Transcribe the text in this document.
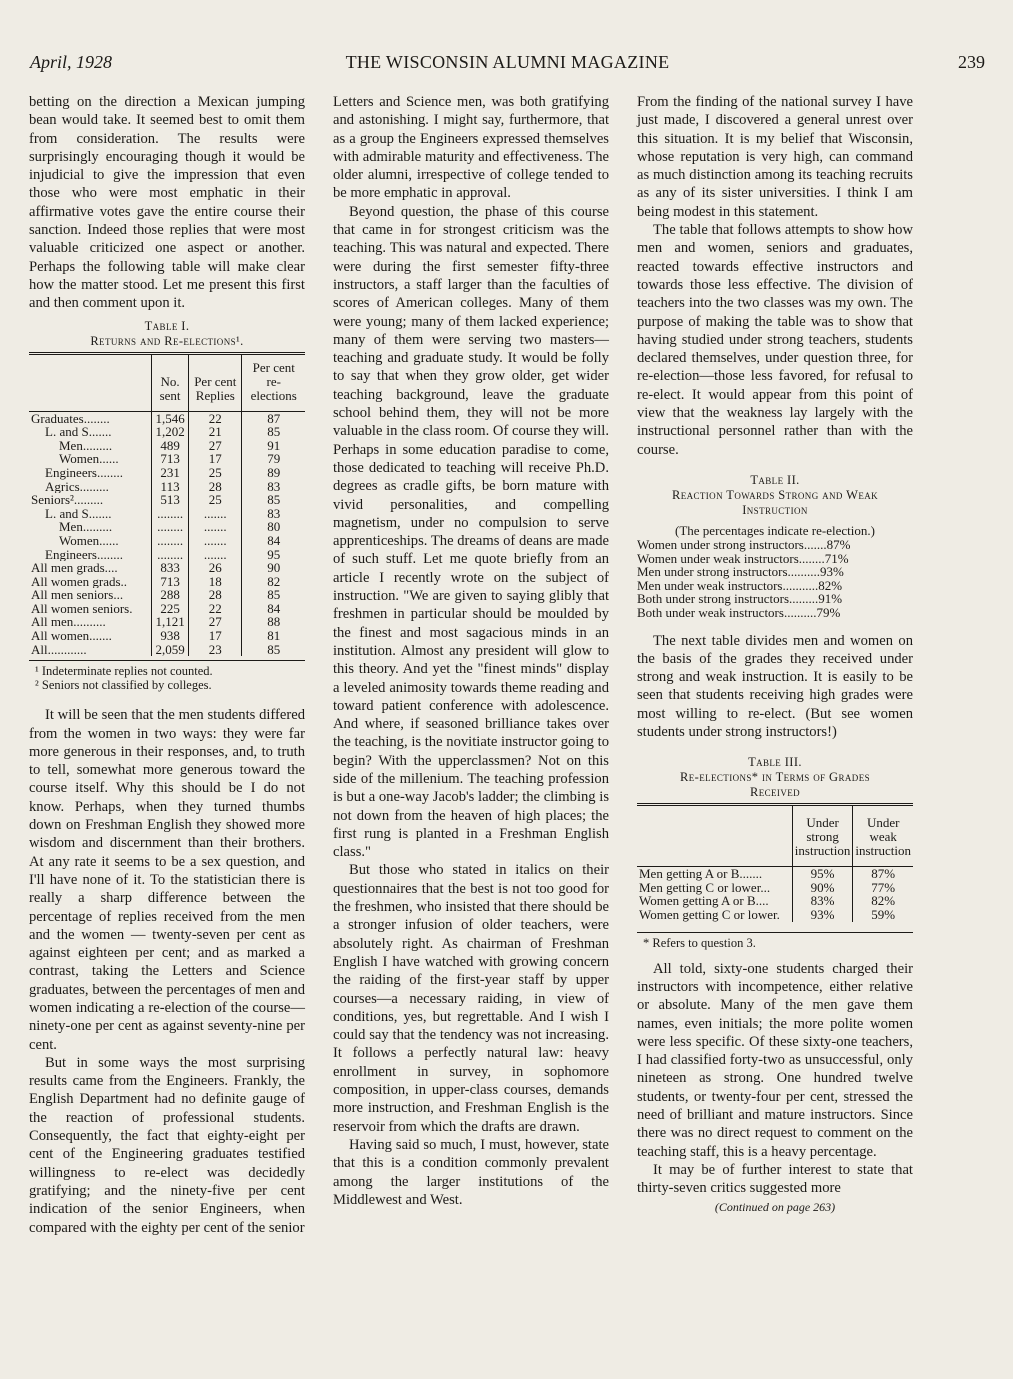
April, 1928	THE WISCONSIN ALUMNI MAGAZINE	239

betting on the direction a Mexican jumping bean would take. It seemed best to omit them from consideration. The results were surprisingly encouraging though it would be injudicial to give the impression that even those who were most emphatic in their affirmative votes gave the entire course their sanction. Indeed those replies that were most valuable criticized one aspect or another. Perhaps the following table will make clear how the matter stood. Let me present this first and then comment upon it.

Table I.
Returns and Re-elections¹.
	No. sent	Per cent Replies	Per cent re-elections
Graduates........	1,546	22	87
L. and S.......	1,202	21	85
Men.........	489	27	91
Women......	713	17	79
Engineers........	231	25	89
Agrics.........	113	28	83
Seniors².........	513	25	85
L. and S.......	........	.......	83
Men.........	........	.......	80
Women......	........	.......	84
Engineers........	........	.......	95
All men grads....	833	26	90
All women grads..	713	18	82
All men seniors...	288	28	85
All women seniors.	225	22	84
All men..........	1,121	27	88
All women.......	938	17	81
All............	2,059	23	85
¹ Indeterminate replies not counted.
² Seniors not classified by colleges.

It will be seen that the men students differed from the women in two ways: they were far more generous in their responses, and, to truth to tell, somewhat more generous toward the course itself. Why this should be I do not know. Perhaps, when they turned thumbs down on Freshman English they showed more wisdom and discernment than their brothers. At any rate it seems to be a sex question, and I'll have none of it. To the statistician there is really a sharp difference between the percentage of replies received from the men and the women — twenty-seven per cent as against eighteen per cent; and as marked a contrast, taking the Letters and Science graduates, between the percentages of men and women indicating a re-election of the course—ninety-one per cent as against seventy-nine per cent.

But in some ways the most surprising results came from the Engineers. Frankly, the English Department had no definite gauge of the reaction of professional students. Consequently, the fact that eighty-eight per cent of the Engineering graduates testified willingness to re-elect was decidedly gratifying; and the ninety-five per cent indication of the senior Engineers, when compared with the eighty per cent of the senior

Letters and Science men, was both gratifying and astonishing. I might say, furthermore, that as a group the Engineers expressed themselves with admirable maturity and effectiveness. The older alumni, irrespective of college tended to be more emphatic in approval.

Beyond question, the phase of this course that came in for strongest criticism was the teaching. This was natural and expected. There were during the first semester fifty-three instructors, a staff larger than the faculties of scores of American colleges. Many of them were young; many of them lacked experience; many of them were serving two masters—teaching and graduate study. It would be folly to say that when they grow older, get wider teaching background, leave the graduate school behind them, they will not be more valuable in the class room. Of course they will. Perhaps in some education paradise to come, those dedicated to teaching will receive Ph.D. degrees as cradle gifts, be born mature with vivid personalities, and compelling magnetism, under no compulsion to serve apprenticeships. The dreams of deans are made of such stuff. Let me quote briefly from an article I recently wrote on the subject of instruction. "We are given to saying glibly that freshmen in particular should be moulded by the finest and most sagacious minds in an institution. Almost any president will glow to this theory. And yet the "finest minds" display a leveled animosity towards theme reading and toward patient conference with adolescence. And where, if seasoned brilliance takes over the teaching, is the novitiate instructor going to begin? With the upperclassmen? Not on this side of the millenium. The teaching profession is but a one-way Jacob's ladder; the climbing is not down from the heaven of high places; the first rung is planted in a Freshman English class."

But those who stated in italics on their questionnaires that the best is not too good for the freshmen, who insisted that there should be a stronger infusion of older teachers, were absolutely right. As chairman of Freshman English I have watched with growing concern the raiding of the first-year staff by upper courses—a necessary raiding, in view of conditions, yes, but regrettable. And I wish I could say that the tendency was not increasing. It follows a perfectly natural law: heavy enrollment in survey, in sophomore composition, in upper-class courses, demands more instruction, and Freshman English is the reservoir from which the drafts are drawn.

Having said so much, I must, however, state that this is a condition commonly prevalent among the larger institutions of the Middlewest and West.

From the finding of the national survey I have just made, I discovered a general unrest over this situation. It is my belief that Wisconsin, whose reputation is very high, can command as much distinction among its teaching recruits as any of its sister universities. I think I am being modest in this statement.

The table that follows attempts to show how men and women, seniors and graduates, reacted towards effective instructors and towards those less effective. The division of teachers into the two classes was my own. The purpose of making the table was to show that having studied under strong teachers, students declared themselves, under question three, for re-election—those less favored, for refusal to re-elect. It would appear from this point of view that the weakness lay largely with the instructional personnel rather than with the course.

Table II.
Reaction Towards Strong and Weak
Instruction
(The percentages indicate re-election.)
Women under strong instructors.......87%
Women under weak instructors........71%
Men under strong instructors..........93%
Men under weak instructors...........82%
Both under strong instructors.........91%
Both under weak instructors..........79%

The next table divides men and women on the basis of the grades they received under strong and weak instruction. It is easily to be seen that students receiving high grades were most willing to re-elect. (But see women students under strong instructors!)

Table III.
Re-elections* in Terms of Grades
Received
	Under strong instruction	Under weak instruction
Men getting A or B.......	95%	87%
Men getting C or lower...	90%	77%
Women getting A or B....	83%	82%
Women getting C or lower.	93%	59%
* Refers to question 3.

All told, sixty-one students charged their instructors with incompetence, either relative or absolute. Many of the men gave them names, even initials; the more polite women were less specific. Of these sixty-one teachers, I had classified forty-two as unsuccessful, only nineteen as strong. One hundred twelve students, or twenty-four per cent, stressed the need of brilliant and mature instructors. Since there was no direct request to comment on the teaching staff, this is a heavy percentage.

It may be of further interest to state that thirty-seven critics suggested more

(Continued on page 263)
